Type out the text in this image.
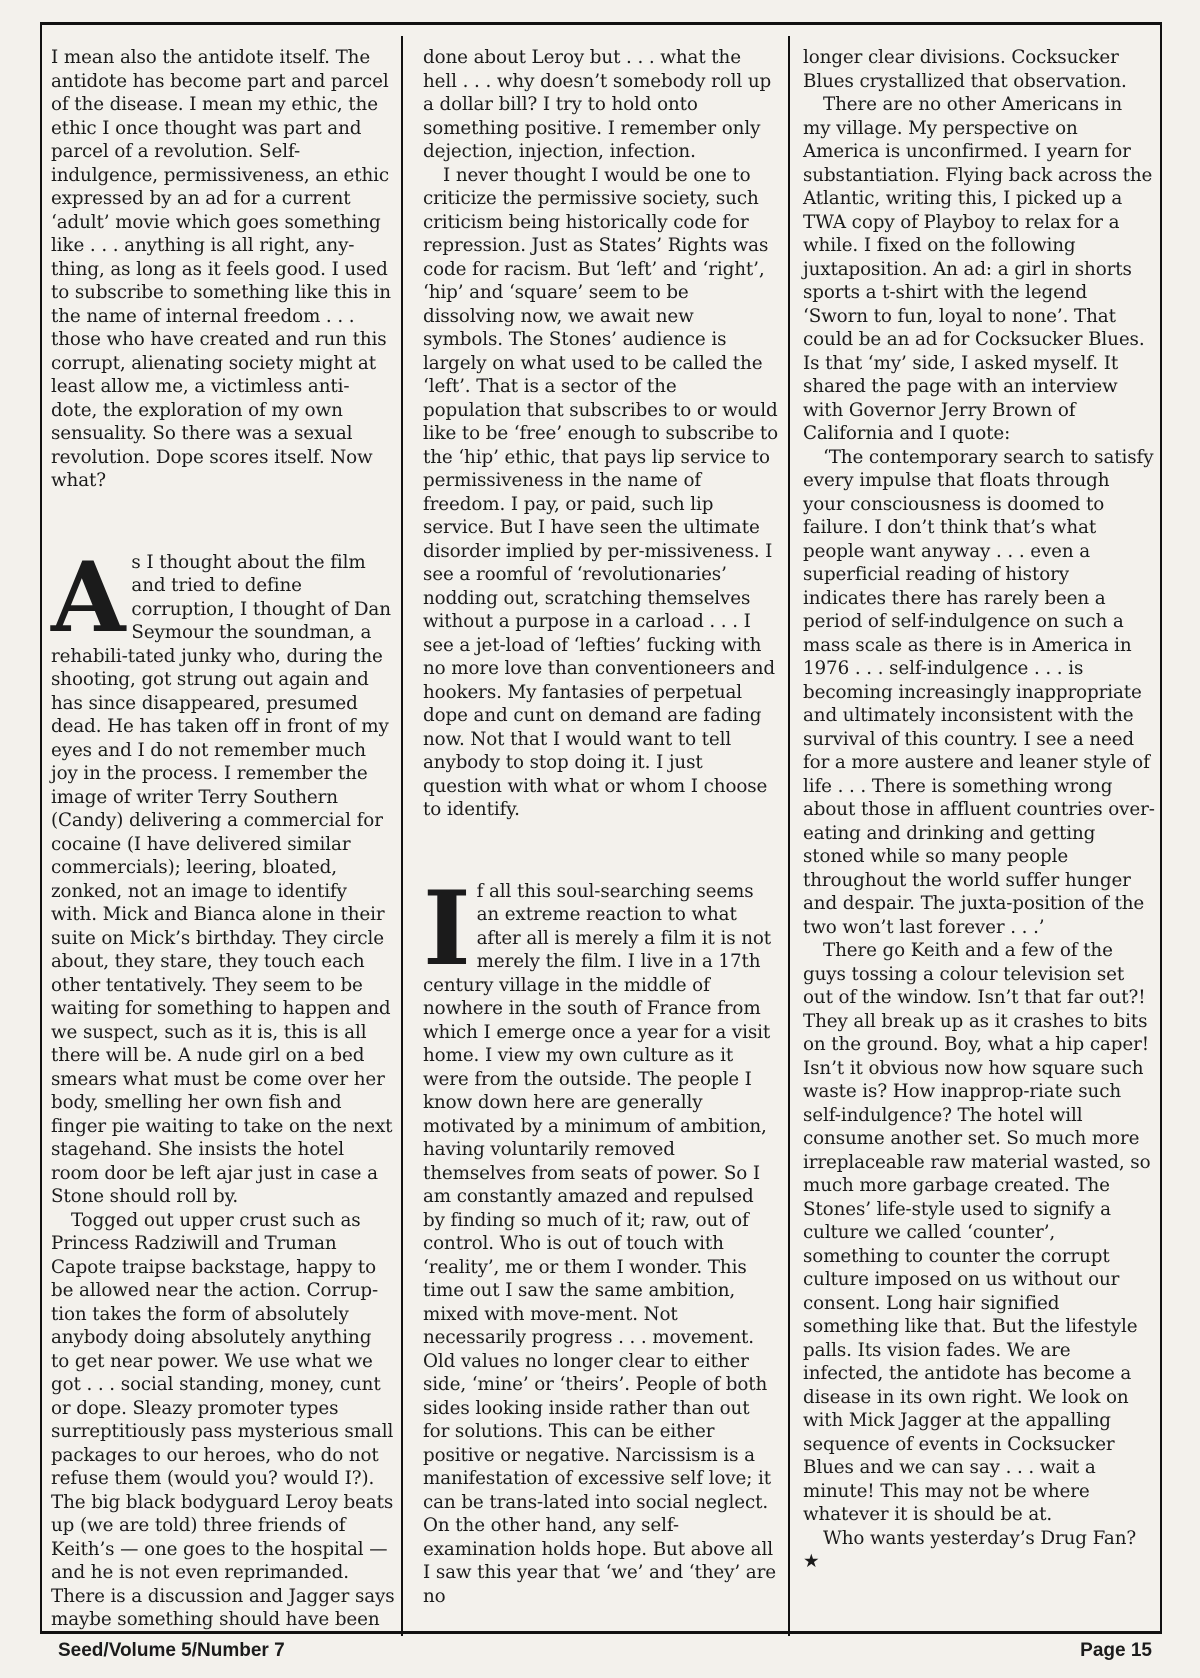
I mean also the antidote itself. The antidote has become part and parcel of the disease. I mean my ethic, the ethic I once thought was part and parcel of a revolution. Self-indulgence, permissiveness, an ethic expressed by an ad for a current ‘adult’ movie which goes something like . . . anything is all right, any-thing, as long as it feels good. I used to subscribe to something like this in the name of internal freedom . . . those who have created and run this corrupt, alienating society might at least allow me, a victimless anti-dote, the exploration of my own sensuality. So there was a sexual revolution. Dope scores itself. Now what?

As I thought about the film and tried to define corruption, I thought of Dan Seymour the soundman, a rehabili-tated junky who, during the shooting, got strung out again and has since disappeared, presumed dead. He has taken off in front of my eyes and I do not remember much joy in the process. I remember the image of writer Terry Southern (Candy) delivering a commercial for cocaine (I have delivered similar commercials); leering, bloated, zonked, not an image to identify with. Mick and Bianca alone in their suite on Mick’s birthday. They circle about, they stare, they touch each other tentatively. They seem to be waiting for something to happen and we suspect, such as it is, this is all there will be. A nude girl on a bed smears what must be come over her body, smelling her own fish and finger pie waiting to take on the next stagehand. She insists the hotel room door be left ajar just in case a Stone should roll by.

Togged out upper crust such as Princess Radziwill and Truman Capote traipse backstage, happy to be allowed near the action. Corrup-tion takes the form of absolutely anybody doing absolutely anything to get near power. We use what we got . . . social standing, money, cunt or dope. Sleazy promoter types surreptitiously pass mysterious small packages to our heroes, who do not refuse them (would you? would I?). The big black bodyguard Leroy beats up (we are told) three friends of Keith’s — one goes to the hospital — and he is not even reprimanded. There is a discussion and Jagger says maybe something should have been

done about Leroy but . . . what the hell . . . why doesn’t somebody roll up a dollar bill? I try to hold onto something positive. I remember only dejection, injection, infection.

I never thought I would be one to criticize the permissive society, such criticism being historically code for repression. Just as States’ Rights was code for racism. But ‘left’ and ‘right’, ‘hip’ and ‘square’ seem to be dissolving now, we await new symbols. The Stones’ audience is largely on what used to be called the ‘left’. That is a sector of the population that subscribes to or would like to be ‘free’ enough to subscribe to the ‘hip’ ethic, that pays lip service to permissiveness in the name of freedom. I pay, or paid, such lip service. But I have seen the ultimate disorder implied by per-missiveness. I see a roomful of ‘revolutionaries’ nodding out, scratching themselves without a purpose in a carload . . . I see a jet-load of ‘lefties’ fucking with no more love than conventioneers and hookers. My fantasies of perpetual dope and cunt on demand are fading now. Not that I would want to tell anybody to stop doing it. I just question with what or whom I choose to identify.

If all this soul-searching seems an extreme reaction to what after all is merely a film it is not merely the film. I live in a 17th century village in the middle of nowhere in the south of France from which I emerge once a year for a visit home. I view my own culture as it were from the outside. The people I know down here are generally motivated by a minimum of ambition, having voluntarily removed themselves from seats of power. So I am constantly amazed and repulsed by finding so much of it; raw, out of control. Who is out of touch with ‘reality’, me or them I wonder. This time out I saw the same ambition, mixed with move-ment. Not necessarily progress . . . movement. Old values no longer clear to either side, ‘mine’ or ‘theirs’. People of both sides looking inside rather than out for solutions. This can be either positive or negative. Narcissism is a manifestation of excessive self love; it can be trans-lated into social neglect. On the other hand, any self-examination holds hope. But above all I saw this year that ‘we’ and ‘they’ are no

longer clear divisions. Cocksucker Blues crystallized that observation.

There are no other Americans in my village. My perspective on America is unconfirmed. I yearn for substantiation. Flying back across the Atlantic, writing this, I picked up a TWA copy of Playboy to relax for a while. I fixed on the following juxtaposition. An ad: a girl in shorts sports a t-shirt with the legend ‘Sworn to fun, loyal to none’. That could be an ad for Cocksucker Blues. Is that ‘my’ side, I asked myself. It shared the page with an interview with Governor Jerry Brown of California and I quote:

‘The contemporary search to satisfy every impulse that floats through your consciousness is doomed to failure. I don’t think that’s what people want anyway . . . even a superficial reading of history indicates there has rarely been a period of self-indulgence on such a mass scale as there is in America in 1976 . . . self-indulgence . . . is becoming increasingly inappropriate and ultimately inconsistent with the survival of this country. I see a need for a more austere and leaner style of life . . . There is something wrong about those in affluent countries over-eating and drinking and getting stoned while so many people throughout the world suffer hunger and despair. The juxta-position of the two won’t last forever . . .’

There go Keith and a few of the guys tossing a colour television set out of the window. Isn’t that far out?! They all break up as it crashes to bits on the ground. Boy, what a hip caper! Isn’t it obvious now how square such waste is? How inapprop-riate such self-indulgence? The hotel will consume another set. So much more irreplaceable raw material wasted, so much more garbage created. The Stones’ life-style used to signify a culture we called ‘counter’, something to counter the corrupt culture imposed on us without our consent. Long hair signified something like that. But the lifestyle palls. Its vision fades. We are infected, the antidote has become a disease in its own right. We look on with Mick Jagger at the appalling sequence of events in Cocksucker Blues and we can say . . . wait a minute! This may not be where whatever it is should be at.

Who wants yesterday’s Drug Fan? ★

Seed/Volume 5/Number 7	Page 15
